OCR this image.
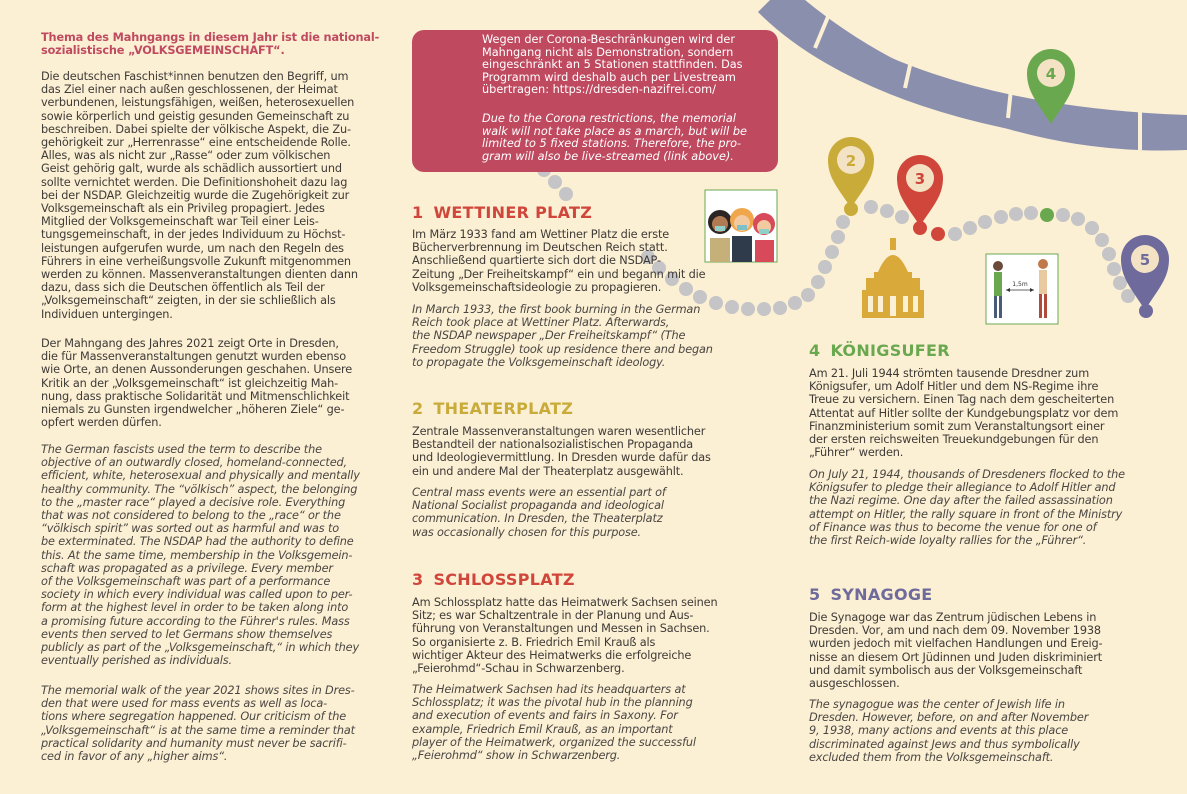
2
3
4
5
1,5m
Thema des Mahngangs in diesem Jahr ist die national-
sozialistische „VOLKSGEMEINSCHAFT“.
Die deutschen Faschist*innen benutzen den Begriff, um
das Ziel einer nach außen geschlossenen, der Heimat
verbundenen, leistungsfähigen, weißen, heterosexuellen
sowie körperlich und geistig gesunden Gemeinschaft zu
beschreiben. Dabei spielte der völkische Aspekt, die Zu-
gehörigkeit zur „Herrenrasse“ eine entscheidende Rolle.
Alles, was als nicht zur „Rasse“ oder zum völkischen
Geist gehörig galt, wurde als schädlich aussortiert und
sollte vernichtet werden. Die Definitionshoheit dazu lag
bei der NSDAP. Gleichzeitig wurde die Zugehörigkeit zur
Volksgemeinschaft als ein Privileg propagiert. Jedes
Mitglied der Volksgemeinschaft war Teil einer Leis-
tungsgemeinschaft, in der jedes Individuum zu Höchst-
leistungen aufgerufen wurde, um nach den Regeln des
Führers in eine verheißungsvolle Zukunft mitgenommen
werden zu können. Massenveranstaltungen dienten dann
dazu, dass sich die Deutschen öffentlich als Teil der
„Volksgemeinschaft“ zeigten, in der sie schließlich als
Individuen untergingen.
Der Mahngang des Jahres 2021 zeigt Orte in Dresden,
die für Massenveranstaltungen genutzt wurden ebenso
wie Orte, an denen Aussonderungen geschahen. Unsere
Kritik an der „Volksgemeinschaft“ ist gleichzeitig Mah-
nung, dass praktische Solidarität und Mitmenschlichkeit
niemals zu Gunsten irgendwelcher „höheren Ziele“ ge-
opfert werden dürfen.
The German fascists used the term to describe the
objective of an outwardly closed, homeland-connected,
efficient, white, heterosexual and physically and mentally
healthy community. The “völkisch” aspect, the belonging
to the „master race“ played a decisive role. Everything
that was not considered to belong to the „race“ or the
“völkisch spirit” was sorted out as harmful and was to
be exterminated. The NSDAP had the authority to define
this. At the same time, membership in the Volksgemein-
schaft was propagated as a privilege. Every member
of the Volksgemeinschaft was part of a performance
society in which every individual was called upon to per-
form at the highest level in order to be taken along into
a promising future according to the Führer's rules. Mass
events then served to let Germans show themselves
publicly as part of the „Volksgemeinschaft,“ in which they
eventually perished as individuals.
The memorial walk of the year 2021 shows sites in Dres-
den that were used for mass events as well as loca-
tions where segregation happened. Our criticism of the
„Volksgemeinschaft“ is at the same time a reminder that
practical solidarity and humanity must never be sacrifi-
ced in favor of any „higher aims“.
Wegen der Corona-Beschränkungen wird der
Mahngang nicht als Demonstration, sondern
eingeschränkt an 5 Stationen stattfinden. Das
Programm wird deshalb auch per Livestream
übertragen: https://dresden-nazifrei.com/
Due to the Corona restrictions, the memorial
walk will not take place as a march, but will be
limited to 5 fixed stations. Therefore, the pro-
gram will also be live-streamed (link above).
1 WETTINER PLATZ
Im März 1933 fand am Wettiner Platz die erste
Bücherverbrennung im Deutschen Reich statt.
Anschließend quartierte sich dort die NSDAP-
Zeitung „Der Freiheitskampf“ ein und begann mit die
Volksgemeinschaftsideologie zu propagieren.
In March 1933, the first book burning in the German
Reich took place at Wettiner Platz. Afterwards,
the NSDAP newspaper „Der Freiheitskampf“ (The
Freedom Struggle) took up residence there and began
to propagate the Volksgemeinschaft ideology.
2 THEATERPLATZ
Zentrale Massenveranstaltungen waren wesentlicher
Bestandteil der nationalsozialistischen Propaganda
und Ideologievermittlung. In Dresden wurde dafür das
ein und andere Mal der Theaterplatz ausgewählt.
Central mass events were an essential part of
National Socialist propaganda and ideological
communication. In Dresden, the Theaterplatz
was occasionally chosen for this purpose.
3 SCHLOSSPLATZ
Am Schlossplatz hatte das Heimatwerk Sachsen seinen
Sitz; es war Schaltzentrale in der Planung und Aus-
führung von Veranstaltungen und Messen in Sachsen.
So organisierte z. B. Friedrich Emil Krauß als
wichtiger Akteur des Heimatwerks die erfolgreiche
„Feierohmd“-Schau in Schwarzenberg.
The Heimatwerk Sachsen had its headquarters at
Schlossplatz; it was the pivotal hub in the planning
and execution of events and fairs in Saxony. For
example, Friedrich Emil Krauß, as an important
player of the Heimatwerk, organized the successful
„Feierohmd“ show in Schwarzenberg.
4 KÖNIGSUFER
Am 21. Juli 1944 strömten tausende Dresdner zum
Königsufer, um Adolf Hitler und dem NS-Regime ihre
Treue zu versichern. Einen Tag nach dem gescheiterten
Attentat auf Hitler sollte der Kundgebungsplatz vor dem
Finanzministerium somit zum Veranstaltungsort einer
der ersten reichsweiten Treuekundgebungen für den
„Führer“ werden.
On July 21, 1944, thousands of Dresdeners flocked to the
Königsufer to pledge their allegiance to Adolf Hitler and
the Nazi regime. One day after the failed assassination
attempt on Hitler, the rally square in front of the Ministry
of Finance was thus to become the venue for one of
the first Reich-wide loyalty rallies for the „Führer“.
5 SYNAGOGE
Die Synagoge war das Zentrum jüdischen Lebens in
Dresden. Vor, am und nach dem 09. November 1938
wurden jedoch mit vielfachen Handlungen und Ereig-
nisse an diesem Ort Jüdinnen und Juden diskriminiert
und damit symbolisch aus der Volksgemeinschaft
ausgeschlossen.
The synagogue was the center of Jewish life in
Dresden. However, before, on and after November
9, 1938, many actions and events at this place
discriminated against Jews and thus symbolically
excluded them from the Volksgemeinschaft.
